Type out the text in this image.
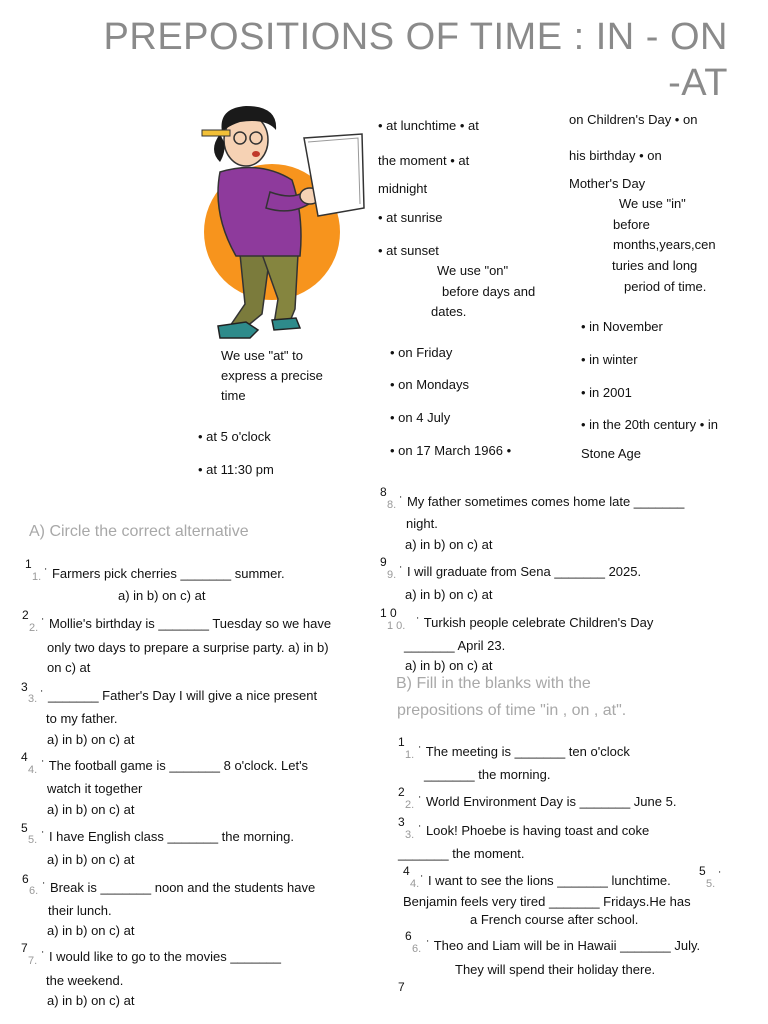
PREPOSITIONS OF TIME : IN - ON
-AT
• at lunchtime • at
the moment • at
midnight
• at sunrise
• at sunset
on Children's Day • on
his birthday • on
Mother's Day
We use "in"
before
months,years,cen
turies and long
period of time.
We use "on"
before days and
dates.
• in November
• in winter
• in 2001
• in the 20th century • in
Stone Age
We use "at" to
express a precise
time
• on Friday
• on Mondays
• on 4 July
• on 17 March 1966 •
• at 5 o'clock
• at 11:30 pm
A) Circle the correct alternative
1
1. ˙ Farmers pick cherries _______ summer.
a) in b) on c) at
2
2. ˙ Mollie's birthday is _______ Tuesday so we have
only two days to prepare a surprise party. a) in b)
on c) at
3
3. ˙ _______ Father's Day I will give a nice present
to my father.
a) in b) on c) at
4
4. ˙ The football game is _______ 8 o'clock. Let's
watch it together
a) in b) on c) at
5
5. ˙ I have English class _______ the morning.
a) in b) on c) at
6
6. ˙ Break is _______ noon and the students have
their lunch.
a) in b) on c) at
7
7. ˙ I would like to go to the movies _______
the weekend.
a) in b) on c) at
8
8. ˙ My father sometimes comes home late _______
night.
a) in b) on c) at
9
9. ˙ I will graduate from Sena _______ 2025.
a) in b) on c) at
1 0
1 0. ˙ Turkish people celebrate Children's Day
_______ April 23.
a) in b) on c) at
B) Fill in the blanks with the
prepositions of time "in , on , at".
1
1. ˙ The meeting is _______ ten o'clock
_______ the morning.
2
2. ˙ World Environment Day is _______ June 5.
3
3. ˙ Look! Phoebe is having toast and coke
_______ the moment.
4
4. ˙ I want to see the lions _______ lunchtime.
5
5. ˙
Benjamin feels very tired _______ Fridays.He has
a French course after school.
6
6. ˙ Theo and Liam will be in Hawaii _______ July.
They will spend their holiday there.
7
